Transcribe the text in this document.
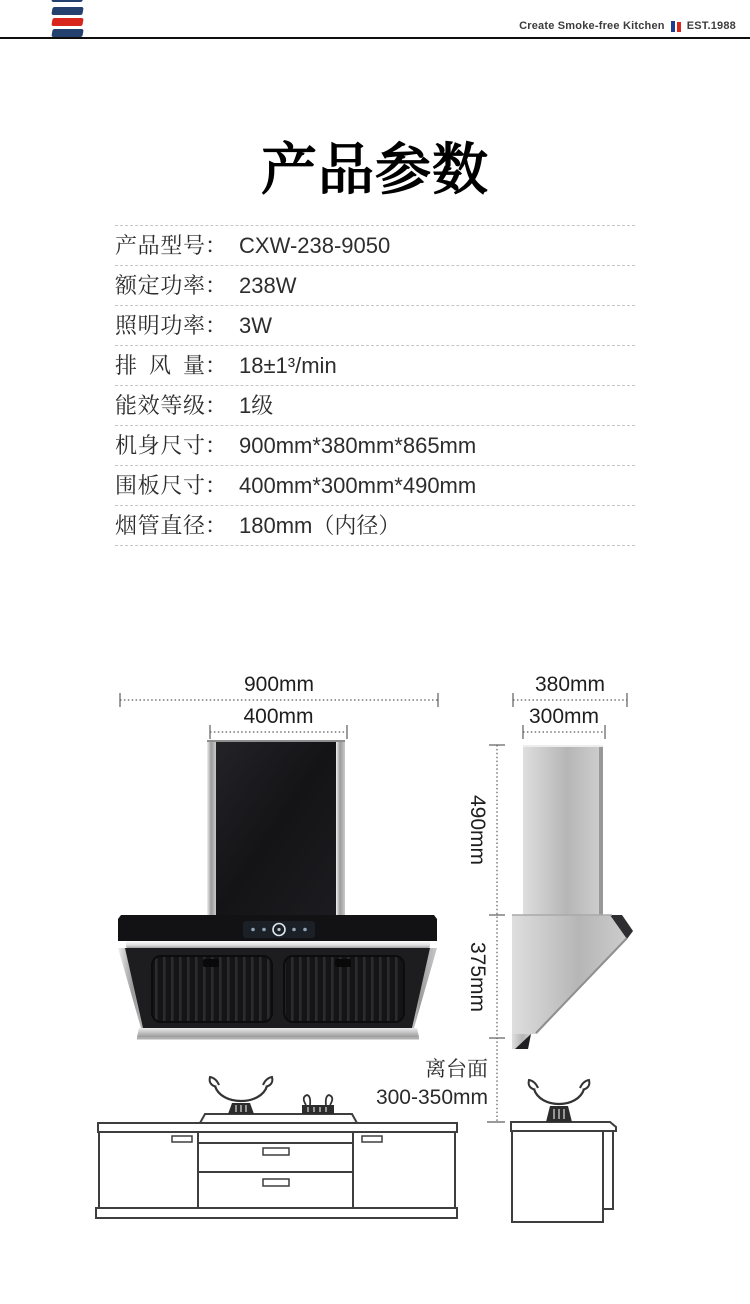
Create Smoke-free Kitchen EST.1988
产品参数
产品型号： CXW-238-9050
额定功率： 238W
照明功率： 3W
排风量： 18±1³/min
能效等级： 1级
机身尺寸： 900mm*380mm*865mm
围板尺寸： 400mm*300mm*490mm
烟管直径： 180mm（内径）
900mm
400mm
380mm
300mm
490mm
375mm
离台面
300-350mm
